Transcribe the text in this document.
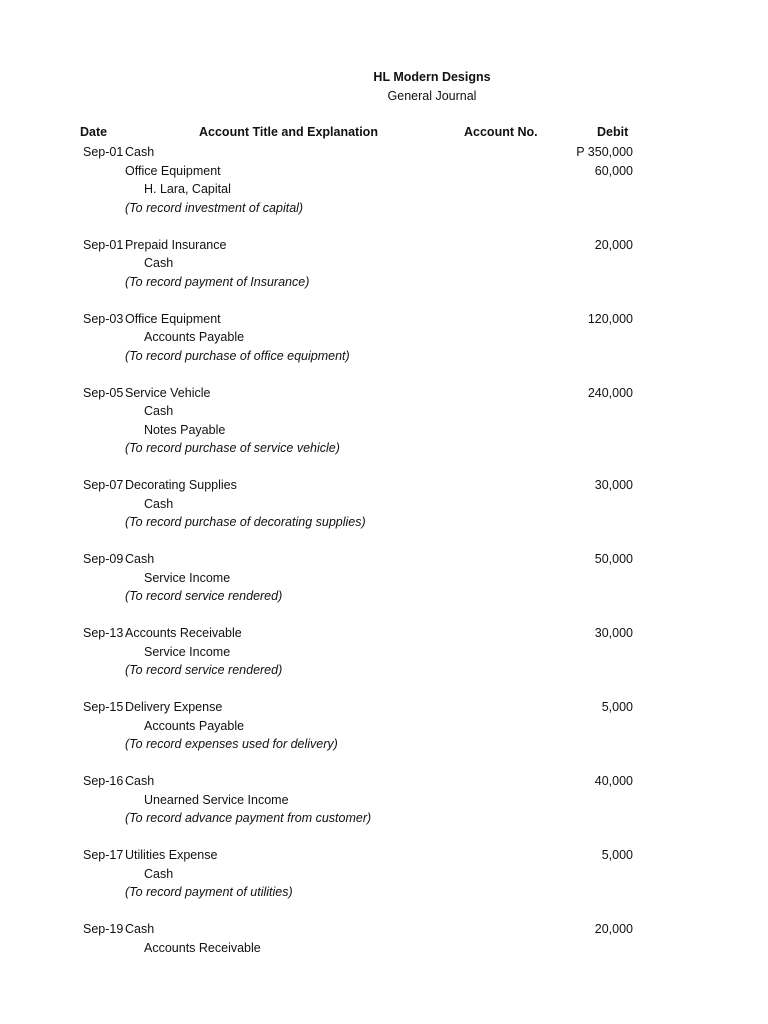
HL Modern Designs
General Journal
Date	Account Title and Explanation	Account No.	Debit
Sep-01 Cash	P 350,000
Office Equipment	60,000
H. Lara, Capital
(To record investment of capital)
Sep-01 Prepaid Insurance	20,000
Cash
(To record payment of Insurance)
Sep-03 Office Equipment	120,000
Accounts Payable
(To record purchase of office equipment)
Sep-05 Service Vehicle	240,000
Cash
Notes Payable
(To record purchase of service vehicle)
Sep-07 Decorating Supplies	30,000
Cash
(To record purchase of decorating supplies)
Sep-09 Cash	50,000
Service Income
(To record service rendered)
Sep-13 Accounts Receivable	30,000
Service Income
(To record service rendered)
Sep-15 Delivery Expense	5,000
Accounts Payable
(To record expenses used for delivery)
Sep-16 Cash	40,000
Unearned Service Income
(To record advance payment from customer)
Sep-17 Utilities Expense	5,000
Cash
(To record payment of utilities)
Sep-19 Cash	20,000
Accounts Receivable
